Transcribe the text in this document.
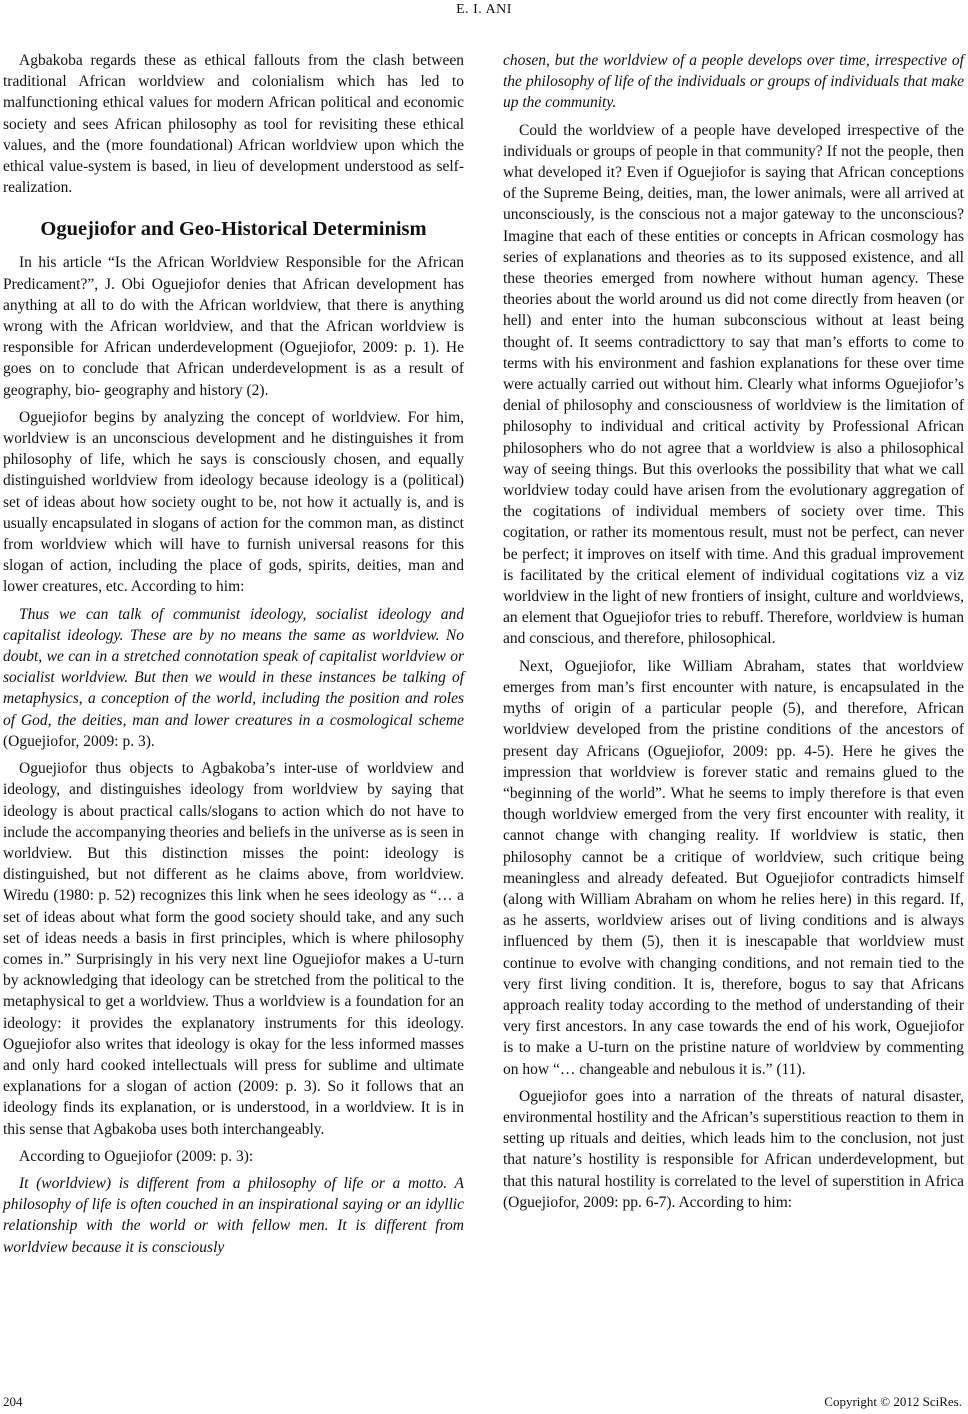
E. I. ANI

Agbakoba regards these as ethical fallouts from the clash between traditional African worldview and colonialism which has led to malfunctioning ethical values for modern African political and economic society and sees African philosophy as tool for revisiting these ethical values, and the (more foundational) African worldview upon which the ethical value-system is based, in lieu of development understood as self-realization.

Oguejiofor and Geo-Historical Determinism

In his article “Is the African Worldview Responsible for the African Predicament?”, J. Obi Oguejiofor denies that African development has anything at all to do with the African worldview, that there is anything wrong with the African worldview, and that the African worldview is responsible for African underdevelopment (Oguejiofor, 2009: p. 1). He goes on to conclude that African underdevelopment is as a result of geography, bio- geography and history (2).

Oguejiofor begins by analyzing the concept of worldview. For him, worldview is an unconscious development and he distinguishes it from philosophy of life, which he says is consciously chosen, and equally distinguished worldview from ideology because ideology is a (political) set of ideas about how society ought to be, not how it actually is, and is usually encapsulated in slogans of action for the common man, as distinct from worldview which will have to furnish universal reasons for this slogan of action, including the place of gods, spirits, deities, man and lower creatures, etc. According to him:

Thus we can talk of communist ideology, socialist ideology and capitalist ideology. These are by no means the same as worldview. No doubt, we can in a stretched connotation speak of capitalist worldview or socialist worldview. But then we would in these instances be talking of metaphysics, a conception of the world, including the position and roles of God, the deities, man and lower creatures in a cosmological scheme (Oguejiofor, 2009: p. 3).

Oguejiofor thus objects to Agbakoba’s inter-use of worldview and ideology, and distinguishes ideology from worldview by saying that ideology is about practical calls/slogans to action which do not have to include the accompanying theories and beliefs in the universe as is seen in worldview. But this distinction misses the point: ideology is distinguished, but not different as he claims above, from worldview. Wiredu (1980: p. 52) recognizes this link when he sees ideology as “… a set of ideas about what form the good society should take, and any such set of ideas needs a basis in first principles, which is where philosophy comes in.” Surprisingly in his very next line Oguejiofor makes a U-turn by acknowledging that ideology can be stretched from the political to the metaphysical to get a worldview. Thus a worldview is a foundation for an ideology: it provides the explanatory instruments for this ideology. Oguejiofor also writes that ideology is okay for the less informed masses and only hard cooked intellectuals will press for sublime and ultimate explanations for a slogan of action (2009: p. 3). So it follows that an ideology finds its explanation, or is understood, in a worldview. It is in this sense that Agbakoba uses both interchangeably.

According to Oguejiofor (2009: p. 3):

It (worldview) is different from a philosophy of life or a motto. A philosophy of life is often couched in an inspirational saying or an idyllic relationship with the world or with fellow men. It is different from worldview because it is consciously

chosen, but the worldview of a people develops over time, irrespective of the philosophy of life of the individuals or groups of individuals that make up the community.

Could the worldview of a people have developed irrespective of the individuals or groups of people in that community? If not the people, then what developed it? Even if Oguejiofor is saying that African conceptions of the Supreme Being, deities, man, the lower animals, were all arrived at unconsciously, is the conscious not a major gateway to the unconscious? Imagine that each of these entities or concepts in African cosmology has series of explanations and theories as to its supposed existence, and all these theories emerged from nowhere without human agency. These theories about the world around us did not come directly from heaven (or hell) and enter into the human subconscious without at least being thought of. It seems contradicttory to say that man’s efforts to come to terms with his environment and fashion explanations for these over time were actually carried out without him. Clearly what informs Oguejiofor’s denial of philosophy and consciousness of worldview is the limitation of philosophy to individual and critical activity by Professional African philosophers who do not agree that a worldview is also a philosophical way of seeing things. But this overlooks the possibility that what we call worldview today could have arisen from the evolutionary aggregation of the cogitations of individual members of society over time. This cogitation, or rather its momentous result, must not be perfect, can never be perfect; it improves on itself with time. And this gradual improvement is facilitated by the critical element of individual cogitations viz a viz worldview in the light of new frontiers of insight, culture and worldviews, an element that Oguejiofor tries to rebuff. Therefore, worldview is human and conscious, and therefore, philosophical.

Next, Oguejiofor, like William Abraham, states that worldview emerges from man’s first encounter with nature, is encapsulated in the myths of origin of a particular people (5), and therefore, African worldview developed from the pristine conditions of the ancestors of present day Africans (Oguejiofor, 2009: pp. 4-5). Here he gives the impression that worldview is forever static and remains glued to the “beginning of the world”. What he seems to imply therefore is that even though worldview emerged from the very first encounter with reality, it cannot change with changing reality. If worldview is static, then philosophy cannot be a critique of worldview, such critique being meaningless and already defeated. But Oguejiofor contradicts himself (along with William Abraham on whom he relies here) in this regard. If, as he asserts, worldview arises out of living conditions and is always influenced by them (5), then it is inescapable that worldview must continue to evolve with changing conditions, and not remain tied to the very first living condition. It is, therefore, bogus to say that Africans approach reality today according to the method of understanding of their very first ancestors. In any case towards the end of his work, Oguejiofor is to make a U-turn on the pristine nature of worldview by commenting on how “… changeable and nebulous it is.” (11).

Oguejiofor goes into a narration of the threats of natural disaster, environmental hostility and the African’s superstitious reaction to them in setting up rituals and deities, which leads him to the conclusion, not just that nature’s hostility is responsible for African underdevelopment, but that this natural hostility is correlated to the level of superstition in Africa (Oguejiofor, 2009: pp. 6-7). According to him:

204	Copyright © 2012 SciRes.
